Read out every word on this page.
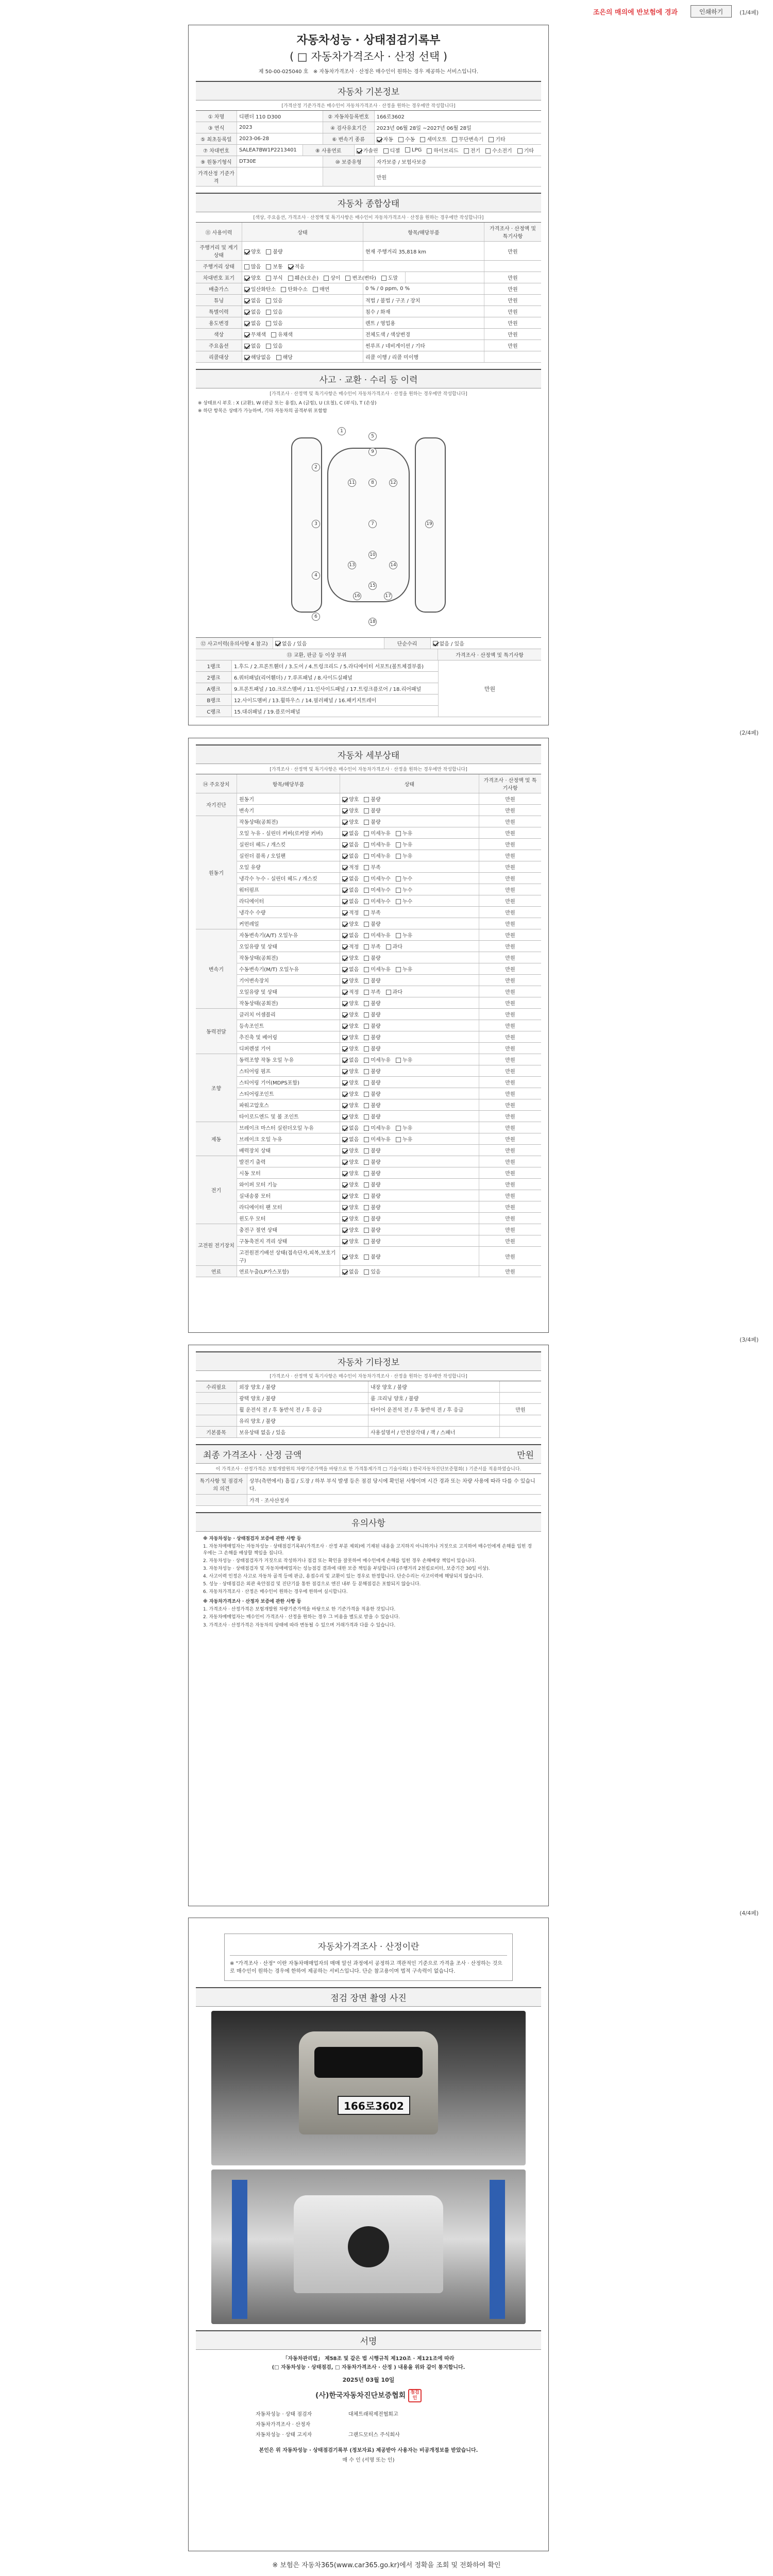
조은의 매의에 반보험에 경과	인쇄하기	(1/4페)
자동차성능 · 상태점검기록부
( □ 자동차가격조사 · 산정 선택 )
제 50-00-025040 호 ※ 자동차가격조사 · 산정은 매수인이 원하는 경우 제공하는 서비스입니다.
자동차 기본정보
[가격산정 기준가격은 매수인이 자동차가격조사 · 산정을 원하는 경우에만 작성합니다]
① 차명	디펜더 110 D300	② 자동차등록번호	166로3602
③ 연식	2023	④ 검사유효기간	2023년 06월 28일 ~2027년 06월 28일
⑤ 최초등록일	2023-06-28	⑥ 변속기 종류	자동	수동	세미오토	무단변속기	기타
⑦ 차대번호	SALEA7BW1P2213401	⑧ 사용연료	가솔린	디젤	LPG	하이브리드	전기	수소전기	기타
⑨ 원동기형식	DT30E	⑩ 보증유형	자가보증 / 보험사보증
가격산정 기준가격
만원
자동차 종합상태
[색상, 주요옵션, 가격조사 · 산정액 및 특기사항은 매수인이 자동차가격조사 · 산정을 원하는 경우에만 작성합니다]
⑪ 사용이력	상태	항목/해당부품
가격조사 · 산정액 및 특기사항
주행거리 및 계기상태
양호	불량	현재 주행거리 35,818 km	만원
주행거리 상태	많음	보통	적음
차대번호 표기	양호	부식	훼손(오손)	상이	변조(변타)	도말	만원
배출가스	일산화탄소	탄화수소	매연	0 % / 0 ppm, 0 %	만원
튜닝	없음	있음	적법 / 불법 / 구조 / 장치	만원
특별이력	없음	있음	침수 / 화재	만원
용도변경	없음	있음	렌트 / 영업용	만원
색상	무채색	유채색	전체도색 / 색상변경	만원
주요옵션	없음	있음	썬루프 / 네비게이션 / 기타	만원
리콜대상	해당없음	해당	리콜 이행 / 리콜 미이행
사고 · 교환 · 수리 등 이력
[가격조사 · 산정액 및 특기사항은 매수인이 자동차가격조사 · 산정을 원하는 경우에만 작성합니다]
※ 상태표시 부호 : X (교환), W (판금 또는 용접), A (긁힘), U (요철), C (부식), T (손상)
※ 하단 항목은 상태가 가능하며, 기타 자동차의 골격부위 포함함
1
2
3
4
5
6
7
8
9
10
11	12
13	14
15
16	17
18
19
⑫ 사고이력(유의사항 4 참고)	없음 / 있음	단순수리	없음 / 있음
⑬ 교환, 판금 등 이상 부위	가격조사 · 산정액 및 특기사항
1랭크	1.후드 / 2.프론트휀더 / 3.도어 / 4.트렁크리드 / 5.라디에이터 서포트(볼트체결부품)
2랭크	6.쿼터패널(리어휀더) / 7.루프패널 / 8.사이드실패널
A랭크	9.프론트패널 / 10.크로스멤버 / 11.인사이드패널 / 17.트렁크플로어 / 18.리어패널
B랭크	12.사이드멤버 / 13.휠하우스 / 14.필러패널 / 16.패키지트레이
C랭크	15.대쉬패널 / 19.플로어패널
만원
(2/4페)
자동차 세부상태
[가격조사 · 산정액 및 특기사항은 매수인이 자동차가격조사 · 산정을 원하는 경우에만 작성합니다]
⑭ 주요장치	항목/해당부품	상태
가격조사 · 산정액 및 특기사항
자기진단
원동기	양호	불량	만원
변속기	양호	불량	만원
원동기
작동상태(공회전)	양호	불량	만원
오일 누유 - 실린더 커버(로커암 커버)	없음	미세누유	누유	만원
실린더 헤드 / 개스킷	없음	미세누유	누유	만원
실린더 블록 / 오일팬	없음	미세누유	누유	만원
오일 유량	적정	부족	만원
냉각수 누수 - 실린더 헤드 / 개스킷	없음	미세누수	누수	만원
워터펌프	없음	미세누수	누수	만원
라디에이터	없음	미세누수	누수	만원
냉각수 수량	적정	부족	만원
커먼레일	양호	불량	만원
변속기
자동변속기(A/T) 오일누유	없음	미세누유	누유	만원
오일유량 및 상태	적정	부족	과다	만원
작동상태(공회전)	양호	불량	만원
수동변속기(M/T) 오일누유	없음	미세누유	누유	만원
기어변속장치	양호	불량	만원
오일유량 및 상태	적정	부족	과다	만원
작동상태(공회전)	양호	불량	만원
동력전달
클러치 어셈블리	양호	불량	만원
등속조인트	양호	불량	만원
추진축 및 베어링	양호	불량	만원
디퍼렌셜 기어	양호	불량	만원
조향
동력조향 작동 오일 누유	없음	미세누유	누유	만원
스티어링 펌프	양호	불량	만원
스티어링 기어(MDPS포함)	양호	불량	만원
스티어링조인트	양호	불량	만원
파워고압호스	양호	불량	만원
타이로드엔드 및 볼 조인트	양호	불량	만원
제동
브레이크 마스터 실린더오일 누유	없음	미세누유	누유	만원
브레이크 오일 누유	없음	미세누유	누유	만원
배력장치 상태	양호	불량	만원
전기
발전기 출력	양호	불량	만원
시동 모터	양호	불량	만원
와이퍼 모터 기능	양호	불량	만원
실내송풍 모터	양호	불량	만원
라디에이터 팬 모터	양호	불량	만원
윈도우 모터	양호	불량	만원
고전원 전기장치
충전구 절연 상태	양호	불량	만원
구동축전지 격리 상태	양호	불량	만원
고전원전기배선 상태(접속단자,피복,보호기구)
양호	불량	만원
연료	연료누출(LP가스포함)	없음	있음	만원
(3/4페)
자동차 기타정보
[가격조사 · 산정액 및 특기사항은 매수인이 자동차가격조사 · 산정을 원하는 경우에만 작성합니다]
수리필요	외장 양호 / 불량	내장 양호 / 불량
광택 양호 / 불량	룸 크리닝 양호 / 불량
휠 운전석 전 / 후 동반석 전 / 후 응급	타이어 운전석 전 / 후 동반석 전 / 후 응급	만원
유리 양호 / 불량
기본품목	보유상태 없음 / 있음	사용설명서 / 안전삼각대 / 잭 / 스패너
최종 가격조사 · 산정 금액	만원
이 가격조사 · 산정가격은 보험개발원의 차량기준가액을 바탕으로 한 가격통계가격 □ 기술사회( ) 한국자동차진단보증협회( ) 기준서를 적용하였습니다.
특기사항 및 점검자의 의견
상부(측면에서) 흠집 / 도장 / 하부 부식 발생 등은 점검 당시에 확인된 사항이며 시간 경과 또는 차량 사용에 따라 다를 수 있습니다.
가격 · 조사산정자
유의사항

※ 자동차성능 · 상태점검자 보증에 관한 사항 등

1. 자동차매매업자는 자동차성능 · 상태점검기록부(가격조사 · 산정 부분 제외)에 기재된 내용을 고지하지 아니하거나 거짓으로 고지하여 매수인에게 손해를 입힌 경우에는 그 손해를 배상할 책임을 집니다.

2. 자동차성능 · 상태점검자가 거짓으로 작성하거나 점검 또는 확인을 잘못하여 매수인에게 손해를 입힌 경우 손해배상 책임이 있습니다.

3. 자동차성능 · 상태점검자 및 자동차매매업자는 성능점검 결과에 대한 보증 책임을 부담합니다 (주행거리 2천킬로미터, 보증기간 30일 이상).

4. 사고이력 인정은 사고로 자동차 골격 등에 판금, 용접수리 및 교환이 있는 경우로 한정합니다. 단순수리는 사고이력에 해당되지 않습니다.

5. 성능 · 상태점검은 외관 육안점검 및 진단기를 통한 점검으로 엔진 내부 등 분해점검은 포함되지 않습니다.

6. 자동차가격조사 · 산정은 매수인이 원하는 경우에 한하여 실시합니다.

※ 자동차가격조사 · 산정자 보증에 관한 사항 등

1. 가격조사 · 산정가격은 보험개발원 차량기준가액을 바탕으로 한 기준가격을 적용한 것입니다.

2. 자동차매매업자는 매수인이 가격조사 · 산정을 원하는 경우 그 비용을 별도로 받을 수 있습니다.

3. 가격조사 · 산정가격은 자동차의 상태에 따라 변동될 수 있으며 거래가격과 다를 수 있습니다.

(4/4페)
자동차가격조사 · 산정이란
※ "가격조사 · 산정" 이란 자동차매매업자의 매매 알선 과정에서 공정하고 객관적인 기준으로 가격을 조사 · 산정하는 것으로 매수인이 원하는 경우에 한하여 제공하는 서비스입니다. 단순 참고용이며 법적 구속력이 없습니다.
점검 장면 촬영 사진
166로3602
서명
「자동차관리법」 제58조 및 같은 법 시행규칙 제120조 · 제121조에 따라
(□ 자동차성능 · 상태점검, □ 자동차가격조사 · 산정 ) 내용을 위와 같이 통지합니다.
2025년 03월 10일
(사)한국자동차진단보증협회 점검인
자동차성능 · 상태 점검자	대체트래픽제전협회고
자동차가격조사 · 산정자
자동차성능 · 상태 고지자	그랜드모터스 주식회사
본인은 위 자동차성능 · 상태점검기록부 (정보자료) 제공받아 사용자는 비공개정보를 받았습니다.
매 수 인 (서명 또는 인)
※ 보험은 자동차365(www.car365.go.kr)에서 정확을 조회 및 전화하여 확인
